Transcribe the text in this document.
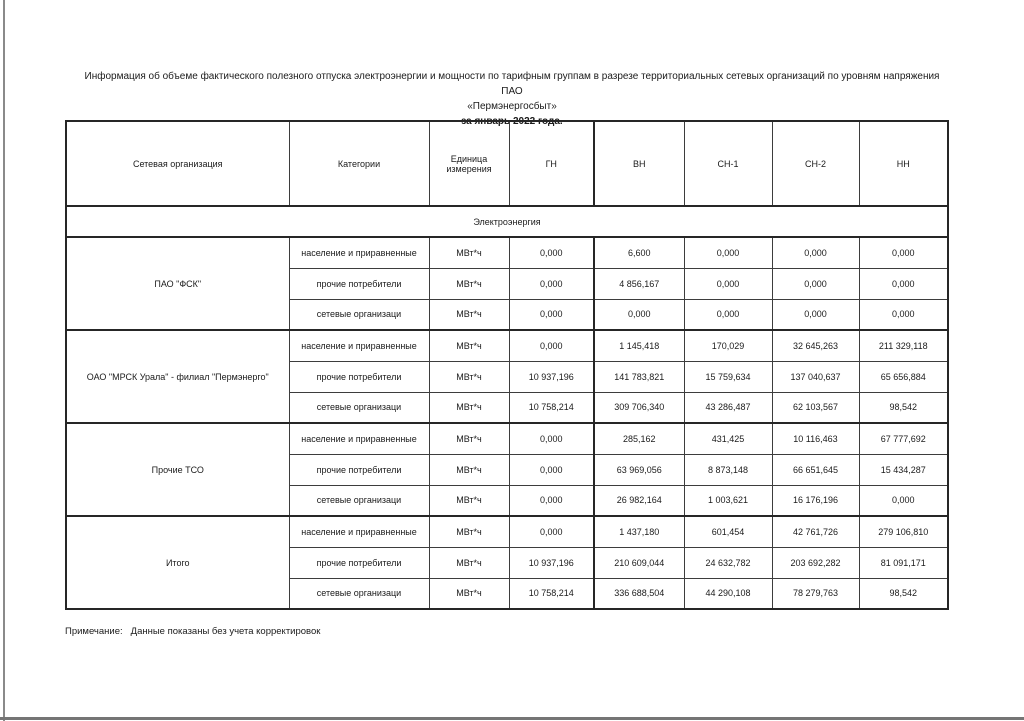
Информация об объеме фактического полезного отпуска электроэнергии и мощности по тарифным группам в разрезе территориальных сетевых организаций по уровням напряжения ПАО
«Пермэнергосбыт»
за январь 2022 года.
Сетевая организация	Категории	Единица измерения	ГН	ВН	СН-1	СН-2	НН
Электроэнергия							
ПАО "ФСК"	население и приравненные	МВт*ч	0,000	6,600	0,000	0,000	0,000
	прочие потребители	МВт*ч	0,000	4 856,167	0,000	0,000	0,000
	сетевые организаци	МВт*ч	0,000	0,000	0,000	0,000	0,000
ОАО "МРСК Урала" - филиал "Пермэнерго"	население и приравненные	МВт*ч	0,000	1 145,418	170,029	32 645,263	211 329,118
	прочие потребители	МВт*ч	10 937,196	141 783,821	15 759,634	137 040,637	65 656,884
	сетевые организаци	МВт*ч	10 758,214	309 706,340	43 286,487	62 103,567	98,542
Прочие ТСО	население и приравненные	МВт*ч	0,000	285,162	431,425	10 116,463	67 777,692
	прочие потребители	МВт*ч	0,000	63 969,056	8 873,148	66 651,645	15 434,287
	сетевые организаци	МВт*ч	0,000	26 982,164	1 003,621	16 176,196	0,000
Итого	население и приравненные	МВт*ч	0,000	1 437,180	601,454	42 761,726	279 106,810
	прочие потребители	МВт*ч	10 937,196	210 609,044	24 632,782	203 692,282	81 091,171
	сетевые организаци	МВт*ч	10 758,214	336 688,504	44 290,108	78 279,763	98,542
Примечание: Данные показаны без учета корректировок
